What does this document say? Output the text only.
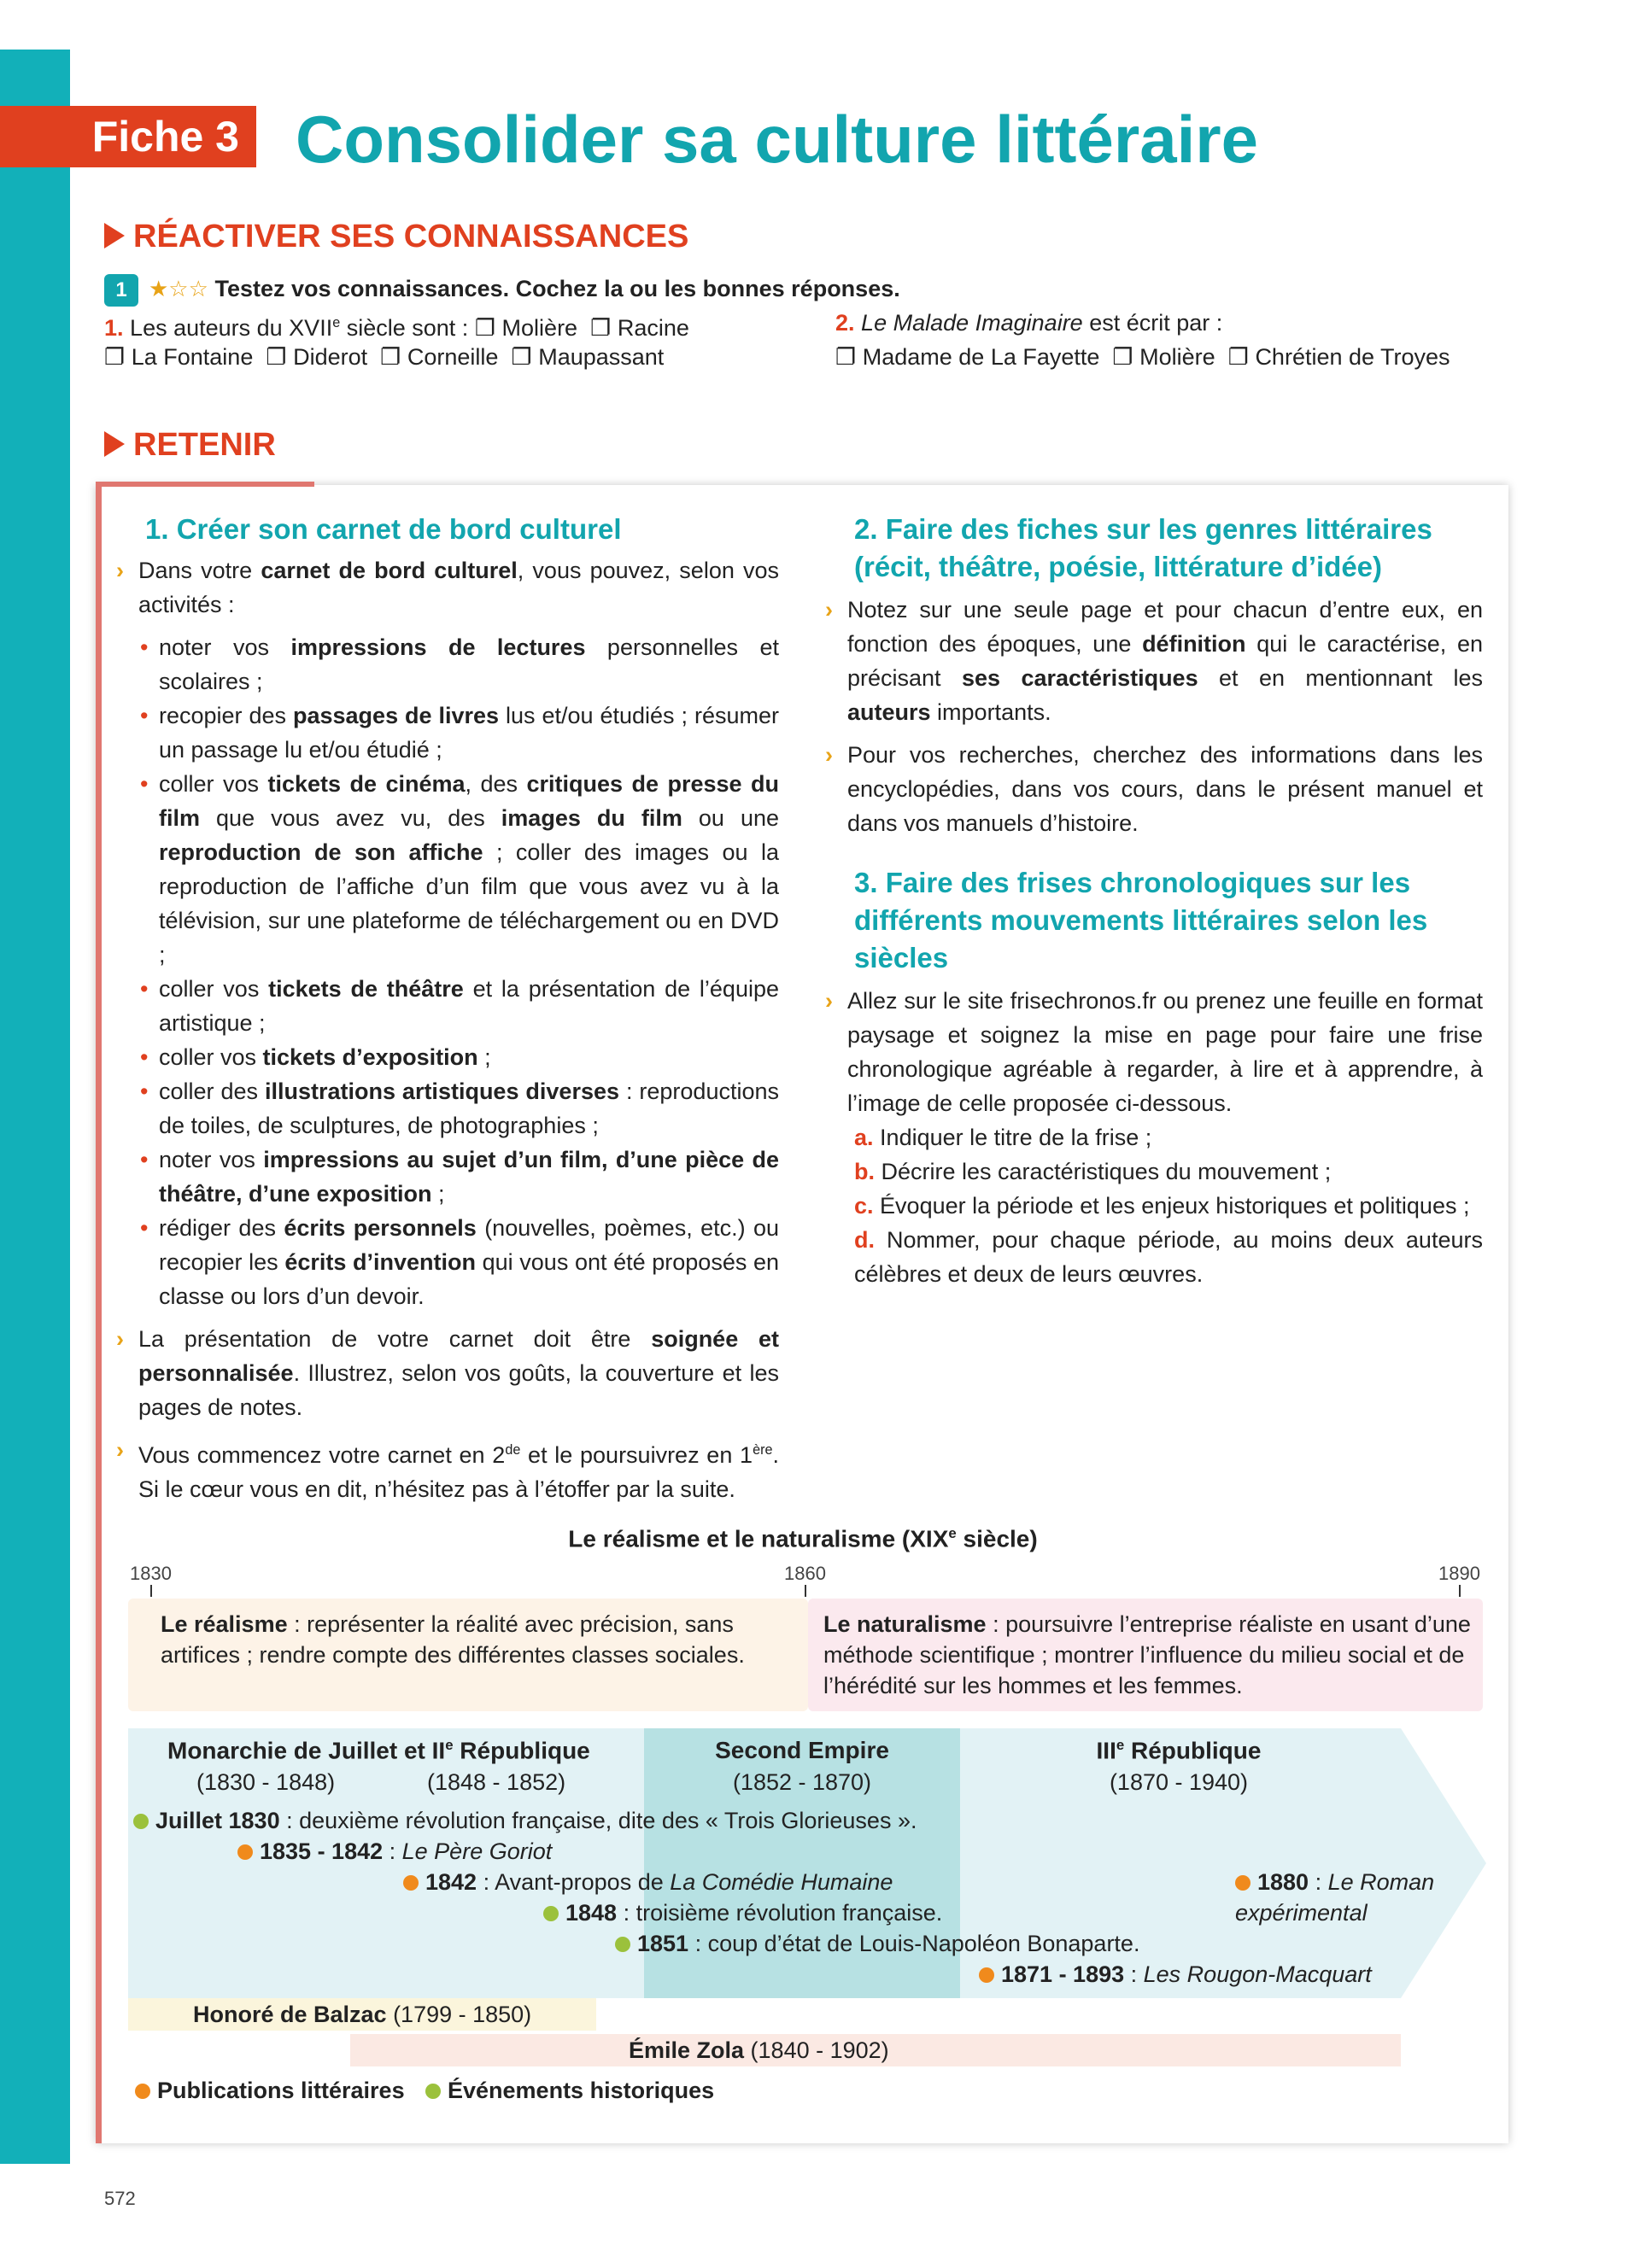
Fiche 3 Consolider sa culture littéraire
RÉACTIVER SES CONNAISSANCES
1 ★☆☆ Testez vos connaissances. Cochez la ou les bonnes réponses.
1. Les auteurs du XVIIe siècle sont : ❐ Molière ❐ Racine
❐ La Fontaine ❐ Diderot ❐ Corneille ❐ Maupassant
2. Le Malade Imaginaire est écrit par :
❐ Madame de La Fayette ❐ Molière ❐ Chrétien de Troyes
RETENIR
1. Créer son carnet de bord culturel
› Dans votre carnet de bord culturel, vous pouvez, selon vos activités :
• noter vos impressions de lectures personnelles et scolaires ;
• recopier des passages de livres lus et/ou étudiés ; résumer un passage lu et/ou étudié ;
• coller vos tickets de cinéma, des critiques de presse du film que vous avez vu, des images du film ou une reproduction de son affiche ; coller des images ou la reproduction de l’affiche d’un film que vous avez vu à la télévision, sur une plateforme de téléchargement ou en DVD ;
• coller vos tickets de théâtre et la présentation de l’équipe artistique ;
• coller vos tickets d’exposition ;
• coller des illustrations artistiques diverses : reproductions de toiles, de sculptures, de photographies ;
• noter vos impressions au sujet d’un film, d’une pièce de théâtre, d’une exposition ;
• rédiger des écrits personnels (nouvelles, poèmes, etc.) ou recopier les écrits d’invention qui vous ont été proposés en classe ou lors d’un devoir.
› La présentation de votre carnet doit être soignée et personnalisée. Illustrez, selon vos goûts, la couverture et les pages de notes.
› Vous commencez votre carnet en 2de et le poursuivrez en 1ère. Si le cœur vous en dit, n’hésitez pas à l’étoffer par la suite.
2. Faire des fiches sur les genres littéraires (récit, théâtre, poésie, littérature d’idée)
› Notez sur une seule page et pour chacun d’entre eux, en fonction des époques, une définition qui le caractérise, en précisant ses caractéristiques et en mentionnant les auteurs importants.
› Pour vos recherches, cherchez des informations dans les encyclopédies, dans vos cours, dans le présent manuel et dans vos manuels d’histoire.
3. Faire des frises chronologiques sur les différents mouvements littéraires selon les siècles
› Allez sur le site frisechronos.fr ou prenez une feuille en format paysage et soignez la mise en page pour faire une frise chronologique agréable à regarder, à lire et à apprendre, à l’image de celle proposée ci-dessous.
a. Indiquer le titre de la frise ;
b. Décrire les caractéristiques du mouvement ;
c. Évoquer la période et les enjeux historiques et politiques ;
d. Nommer, pour chaque période, au moins deux auteurs célèbres et deux de leurs œuvres.
Le réalisme et le naturalisme (XIXe siècle)
1830	1860	1890
Le réalisme : représenter la réalité avec précision, sans artifices ; rendre compte des différentes classes sociales.
Le naturalisme : poursuivre l’entreprise réaliste en usant d’une méthode scientifique ; montrer l’influence du milieu social et de l’hérédité sur les hommes et les femmes.
Monarchie de Juillet et IIe République
(1830 - 1848)	(1848 - 1852)
Second Empire
(1852 - 1870)
IIIe République
(1870 - 1940)
Juillet 1830 : deuxième révolution française, dite des « Trois Glorieuses ».
1835 - 1842 : Le Père Goriot
1842 : Avant-propos de La Comédie Humaine
1848 : troisième révolution française.
1851 : coup d’état de Louis-Napoléon Bonaparte.
1871 - 1893 : Les Rougon-Macquart
1880 : Le Roman expérimental
Honoré de Balzac (1799 - 1850)
Émile Zola (1840 - 1902)
Publications littéraires	Événements historiques
572
